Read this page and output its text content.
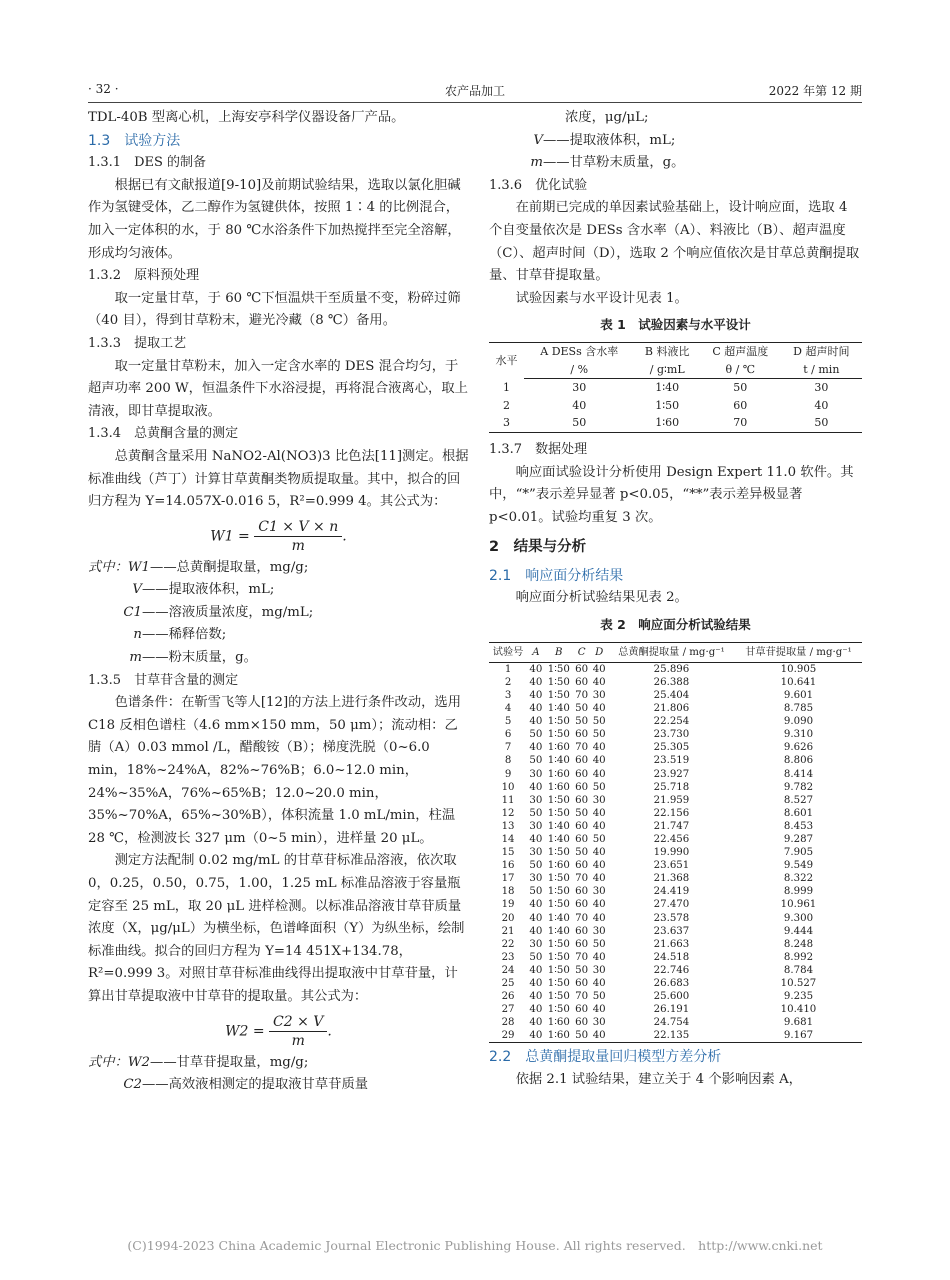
· 32 ·	农产品加工	2022 年第 12 期

TDL-40B 型离心机，上海安亭科学仪器设备厂产品。

1.3　试验方法

1.3.1　DES 的制备

根据已有文献报道[9-10]及前期试验结果，选取以氯化胆碱作为氢键受体，乙二醇作为氢键供体，按照 1∶4 的比例混合，加入一定体积的水，于 80 ℃水浴条件下加热搅拌至完全溶解，形成均匀液体。

1.3.2　原料预处理

取一定量甘草，于 60 ℃下恒温烘干至质量不变，粉碎过筛（40 目），得到甘草粉末，避光冷藏（8 ℃）备用。

1.3.3　提取工艺

取一定量甘草粉末，加入一定含水率的 DES 混合均匀，于超声功率 200 W，恒温条件下水浴浸提，再将混合液离心，取上清液，即甘草提取液。

1.3.4　总黄酮含量的测定

总黄酮含量采用 NaNO2-Al(NO3)3 比色法[11]测定。根据标准曲线（芦丁）计算甘草黄酮类物质提取量。其中，拟合的回归方程为 Y=14.057X-0.016 5，R²=0.999 4。其公式为：

$W1 = \frac{C1 \times V \times n}{m}$ .

式中：W1——总黄酮提取量，mg/g;

V——提取液体积，mL;

C1——溶液质量浓度，mg/mL;

n——稀释倍数;

m——粉末质量，g。

1.3.5　甘草苷含量的测定

色谱条件：在靳雪飞等人[12]的方法上进行条件改动，选用 C18 反相色谱柱（4.6 mm×150 mm，50 μm）；流动相：乙腈（A）0.03 mmol /L，醋酸铵（B）；梯度洗脱（0~6.0 min，18%~24%A，82%~76%B；6.0~12.0 min，24%~35%A，76%~65%B；12.0~20.0 min，35%~70%A，65%~30%B），体积流量 1.0 mL/min，柱温 28 ℃，检测波长 327 μm（0~5 min），进样量 20 μL。

测定方法配制 0.02 mg/mL 的甘草苷标准品溶液，依次取 0，0.25，0.50，0.75，1.00，1.25 mL 标准品溶液于容量瓶定容至 25 mL，取 20 μL 进样检测。以标准品溶液甘草苷质量浓度（X，μg/μL）为横坐标，色谱峰面积（Y）为纵坐标，绘制标准曲线。拟合的回归方程为 Y=14 451X+134.78，R²=0.999 3。对照甘草苷标准曲线得出提取液中甘草苷量，计算出甘草提取液中甘草苷的提取量。其公式为：

$W2 = \frac{C2 \times V}{m}$ .

式中：W2——甘草苷提取量，mg/g;

C2——高效液相测定的提取液甘草苷质量

浓度，μg/μL;

V——提取液体积，mL;

m——甘草粉末质量，g。

1.3.6　优化试验

在前期已完成的单因素试验基础上，设计响应面，选取 4 个自变量依次是 DESs 含水率（A）、料液比（B）、超声温度（C）、超声时间（D），选取 2 个响应值依次是甘草总黄酮提取量、甘草苷提取量。

试验因素与水平设计见表 1。

表 1　试验因素与水平设计

水平	A DESs 含水率	B 料液比	C 超声温度	D 超声时间
	/ %	/ g∶mL	θ / ℃	t / min
1	30	1∶40	50	30
2	40	1∶50	60	40
3	50	1∶60	70	50

1.3.7　数据处理

响应面试验设计分析使用 Design Expert 11.0 软件。其中，“*”表示差异显著 p<0.05，“**”表示差异极显著 p<0.01。试验均重复 3 次。

2　结果与分析

2.1　响应面分析结果

响应面分析试验结果见表 2。

表 2　响应面分析试验结果

试验号	A	B	C	D	总黄酮提取量 / mg·g⁻¹	甘草苷提取量 / mg·g⁻¹
1	40	1∶50	60	40	25.896	10.905
2	40	1∶50	60	40	26.388	10.641
3	40	1∶50	70	30	25.404	9.601
4	40	1∶40	50	40	21.806	8.785
5	40	1∶50	50	50	22.254	9.090
6	50	1∶50	60	50	23.730	9.310
7	40	1∶60	70	40	25.305	9.626
8	50	1∶40	60	40	23.519	8.806
9	30	1∶60	60	40	23.927	8.414
10	40	1∶60	60	50	25.718	9.782
11	30	1∶50	60	30	21.959	8.527
12	50	1∶50	50	40	22.156	8.601
13	30	1∶40	60	40	21.747	8.453
14	40	1∶40	60	50	22.456	9.287
15	30	1∶50	50	40	19.990	7.905
16	50	1∶60	60	40	23.651	9.549
17	30	1∶50	70	40	21.368	8.322
18	50	1∶50	60	30	24.419	8.999
19	40	1∶50	60	40	27.470	10.961
20	40	1∶40	70	40	23.578	9.300
21	40	1∶40	60	30	23.637	9.444
22	30	1∶50	60	50	21.663	8.248
23	50	1∶50	70	40	24.518	8.992
24	40	1∶50	50	30	22.746	8.784
25	40	1∶50	60	40	26.683	10.527
26	40	1∶50	70	50	25.600	9.235
27	40	1∶50	60	40	26.191	10.410
28	40	1∶60	60	30	24.754	9.681
29	40	1∶60	50	40	22.135	9.167

2.2　总黄酮提取量回归模型方差分析

依据 2.1 试验结果，建立关于 4 个影响因素 A，

(C)1994-2023 China Academic Journal Electronic Publishing House. All rights reserved.　http://www.cnki.net
